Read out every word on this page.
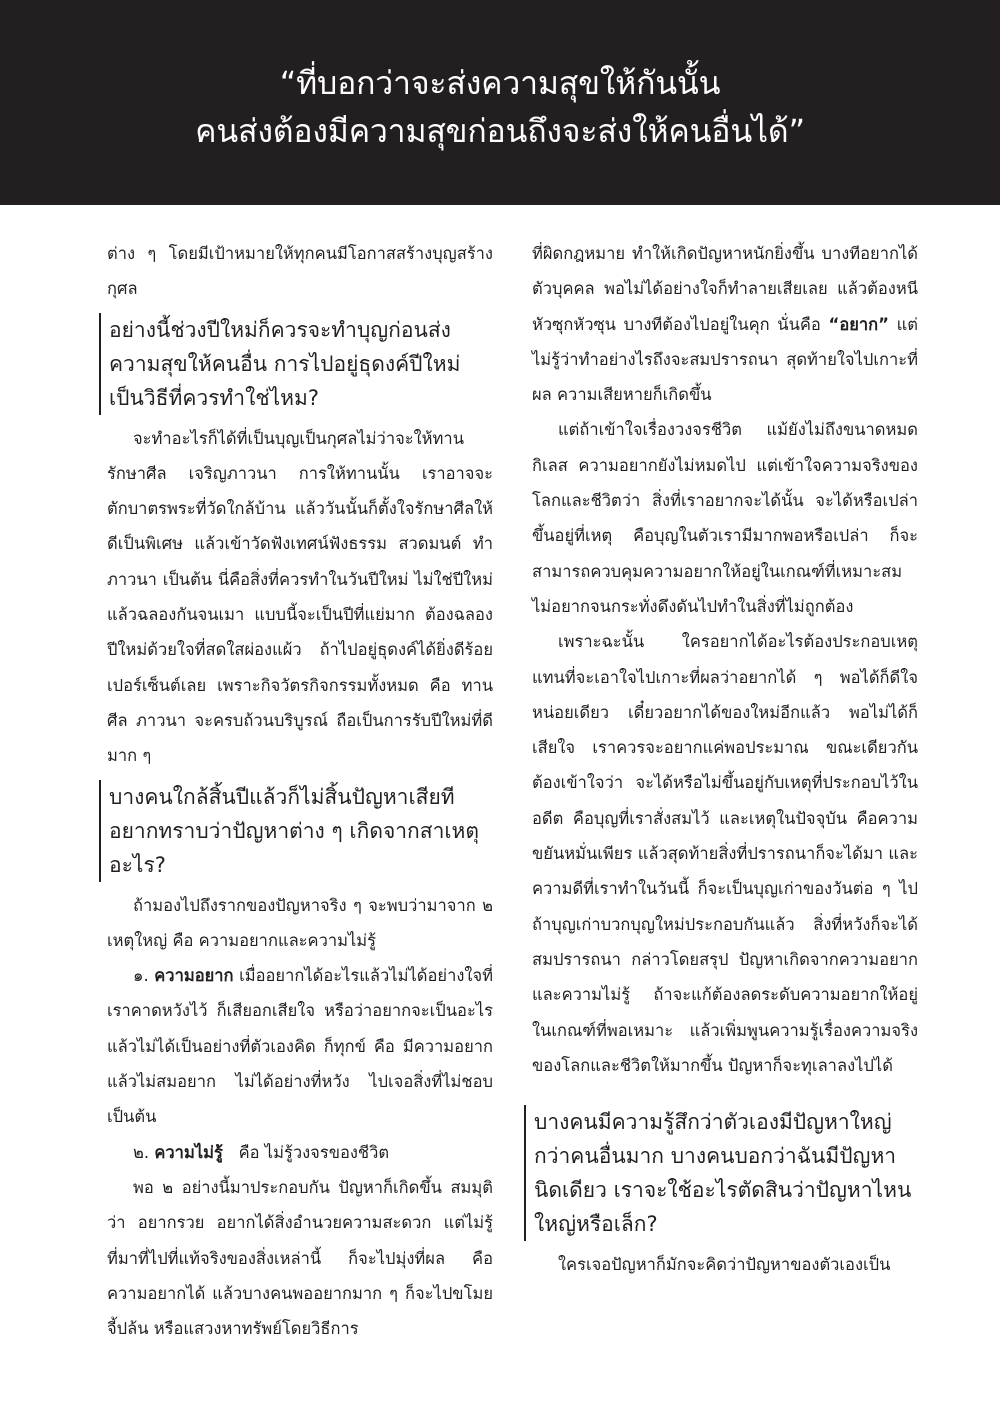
“ที่บอกว่าจะส่งความสุขให้กันนั้น
คนส่งต้องมีความสุขก่อนถึงจะส่งให้คนอื่นได้”

ต่าง ๆ โดยมีเป้าหมายให้ทุกคนมีโอกาสสร้างบุญสร้างกุศล

อย่างนี้ช่วงปีใหม่ก็ควรจะทำบุญก่อนส่งความสุขให้คนอื่น การไปอยู่ธุดงค์ปีใหม่เป็นวิธีที่ควรทำใช่ไหม?

จะทำอะไรก็ได้ที่เป็นบุญเป็นกุศลไม่ว่าจะให้ทาน รักษาศีล เจริญภาวนา การให้ทานนั้น เราอาจจะตักบาตรพระที่วัดใกล้บ้าน แล้ววันนั้นก็ตั้งใจรักษาศีลให้ดีเป็นพิเศษ แล้วเข้าวัดฟังเทศน์ฟังธรรม สวดมนต์ ทำภาวนา เป็นต้น นี่คือสิ่งที่ควรทำในวันปีใหม่ ไม่ใช่ปีใหม่แล้วฉลองกันจนเมา แบบนี้จะเป็นปีที่แย่มาก ต้องฉลองปีใหม่ด้วยใจที่สดใสผ่องแผ้ว ถ้าไปอยู่ธุดงค์ได้ยิ่งดีร้อยเปอร์เซ็นต์เลย เพราะกิจวัตรกิจกรรมทั้งหมด คือ ทาน ศีล ภาวนา จะครบถ้วนบริบูรณ์ ถือเป็นการรับปีใหม่ที่ดีมาก ๆ

บางคนใกล้สิ้นปีแล้วก็ไม่สิ้นปัญหาเสียที อยากทราบว่าปัญหาต่าง ๆ เกิดจากสาเหตุอะไร?

ถ้ามองไปถึงรากของปัญหาจริง ๆ จะพบว่ามาจาก ๒ เหตุใหญ่ คือ ความอยากและความไม่รู้

๑. ความอยาก เมื่ออยากได้อะไรแล้วไม่ได้อย่างใจที่เราคาดหวังไว้ ก็เสียอกเสียใจ หรือว่าอยากจะเป็นอะไร แล้วไม่ได้เป็นอย่างที่ตัวเองคิด ก็ทุกข์ คือ มีความอยากแล้วไม่สมอยาก ไม่ได้อย่างที่หวัง ไปเจอสิ่งที่ไม่ชอบ เป็นต้น

๒. ความไม่รู้ คือ ไม่รู้วงจรของชีวิต

พอ ๒ อย่างนี้มาประกอบกัน ปัญหาก็เกิดขึ้น สมมุติว่า อยากรวย อยากได้สิ่งอำนวยความสะดวก แต่ไม่รู้ที่มาที่ไปที่แท้จริงของสิ่งเหล่านี้ ก็จะไปมุ่งที่ผล คือ ความอยากได้ แล้วบางคนพออยากมาก ๆ ก็จะไปขโมย จี้ปล้น หรือแสวงหาทรัพย์โดยวิธีการ

ที่ผิดกฎหมาย ทำให้เกิดปัญหาหนักยิ่งขึ้น บางทีอยากได้ตัวบุคคล พอไม่ได้อย่างใจก็ทำลายเสียเลย แล้วต้องหนีหัวซุกหัวซุน บางทีต้องไปอยู่ในคุก นั่นคือ “อยาก” แต่ไม่รู้ว่าทำอย่างไรถึงจะสมปรารถนา สุดท้ายใจไปเกาะที่ผล ความเสียหายก็เกิดขึ้น

แต่ถ้าเข้าใจเรื่องวงจรชีวิต แม้ยังไม่ถึงขนาดหมดกิเลส ความอยากยังไม่หมดไป แต่เข้าใจความจริงของโลกและชีวิตว่า สิ่งที่เราอยากจะได้นั้น จะได้หรือเปล่าขึ้นอยู่ที่เหตุ คือบุญในตัวเรามีมากพอหรือเปล่า ก็จะสามารถควบคุมความอยากให้อยู่ในเกณฑ์ที่เหมาะสม ไม่อยากจนกระทั่งดึงดันไปทำในสิ่งที่ไม่ถูกต้อง

เพราะฉะนั้น ใครอยากได้อะไรต้องประกอบเหตุ แทนที่จะเอาใจไปเกาะที่ผลว่าอยากได้ ๆ พอได้ก็ดีใจหน่อยเดียว เดี๋ยวอยากได้ของใหม่อีกแล้ว พอไม่ได้ก็เสียใจ เราควรจะอยากแค่พอประมาณ ขณะเดียวกันต้องเข้าใจว่า จะได้หรือไม่ขึ้นอยู่กับเหตุที่ประกอบไว้ในอดีต คือบุญที่เราสั่งสมไว้ และเหตุในปัจจุบัน คือความขยันหมั่นเพียร แล้วสุดท้ายสิ่งที่ปรารถนาก็จะได้มา และความดีที่เราทำในวันนี้ ก็จะเป็นบุญเก่าของวันต่อ ๆ ไป ถ้าบุญเก่าบวกบุญใหม่ประกอบกันแล้ว สิ่งที่หวังก็จะได้สมปรารถนา กล่าวโดยสรุป ปัญหาเกิดจากความอยากและความไม่รู้ ถ้าจะแก้ต้องลดระดับความอยากให้อยู่ในเกณฑ์ที่พอเหมาะ แล้วเพิ่มพูนความรู้เรื่องความจริงของโลกและชีวิตให้มากขึ้น ปัญหาก็จะทุเลาลงไปได้

บางคนมีความรู้สึกว่าตัวเองมีปัญหาใหญ่กว่าคนอื่นมาก บางคนบอกว่าฉันมีปัญหานิดเดียว เราจะใช้อะไรตัดสินว่าปัญหาไหนใหญ่หรือเล็ก?

ใครเจอปัญหาก็มักจะคิดว่าปัญหาของตัวเองเป็น
